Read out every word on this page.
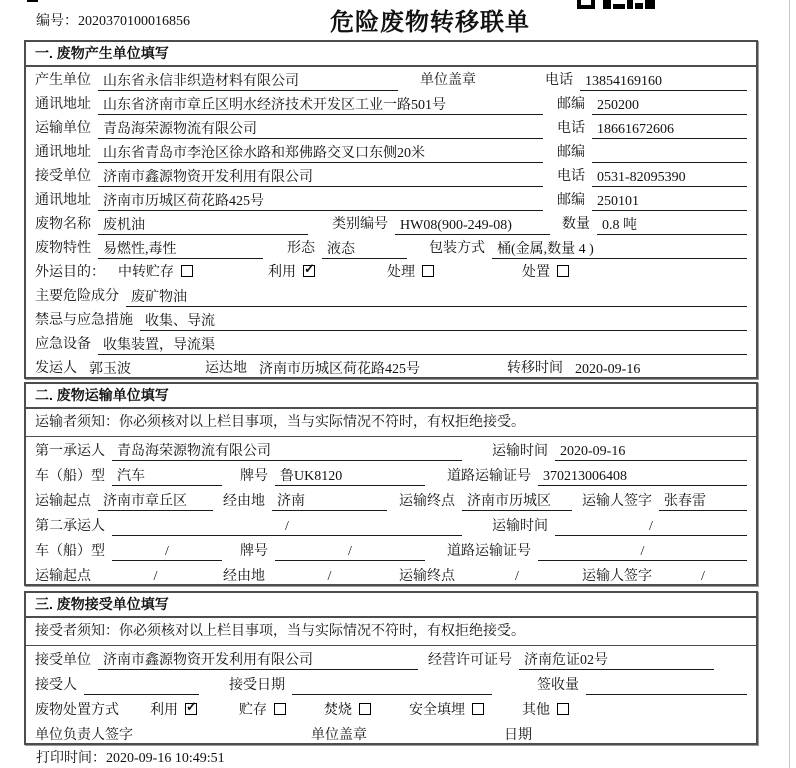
编号：2020370100016856	危险废物转移联单
一. 废物产生单位填写
产生单位 山东省永信非织造材料有限公司	单位盖章	电话 13854169160
通讯地址 山东省济南市章丘区明水经济技术开发区工业一路501号	邮编 250200
运输单位 青岛海荣源物流有限公司	电话 18661672606
通讯地址 山东省青岛市李沧区徐水路和郑佛路交叉口东侧20米	邮编
接受单位 济南市鑫源物资开发利用有限公司	电话 0531-82095390
通讯地址 济南市历城区荷花路425号	邮编 250101
废物名称 废机油	类别编号 HW08(900-249-08)	数量 0.8 吨
废物特性 易燃性,毒性	形态 液态	包装方式 桶(金属,数量 4 )
外运目的： 中转贮存	利用 ✓	处理	处置
主要危险成分 废矿物油
禁忌与应急措施 收集、导流
应急设备 收集装置，导流渠
发运人 郭玉波	运达地 济南市历城区荷花路425号	转移时间 2020-09-16
二. 废物运输单位填写
运输者须知：你必须核对以上栏目事项，当与实际情况不符时，有权拒绝接受。
第一承运人 青岛海荣源物流有限公司	运输时间 2020-09-16
车（船）型 汽车	牌号 鲁UK8120	道路运输证号 370213006408
运输起点 济南市章丘区	经由地 济南	运输终点 济南市历城区	运输人签字 张春雷
第二承运人	/	运输时间	/
车（船）型	/	牌号	/	道路运输证号	/
运输起点	/	经由地	/	运输终点	/	运输人签字	/
三. 废物接受单位填写
接受者须知：你必须核对以上栏目事项，当与实际情况不符时，有权拒绝接受。
接受单位 济南市鑫源物资开发利用有限公司	经营许可证号 济南危证02号
接受人	接受日期	签收量
废物处置方式 利用 ✓	贮存	焚烧	安全填埋	其他
单位负责人签字	单位盖章	日期
打印时间：2020-09-16 10:49:51
